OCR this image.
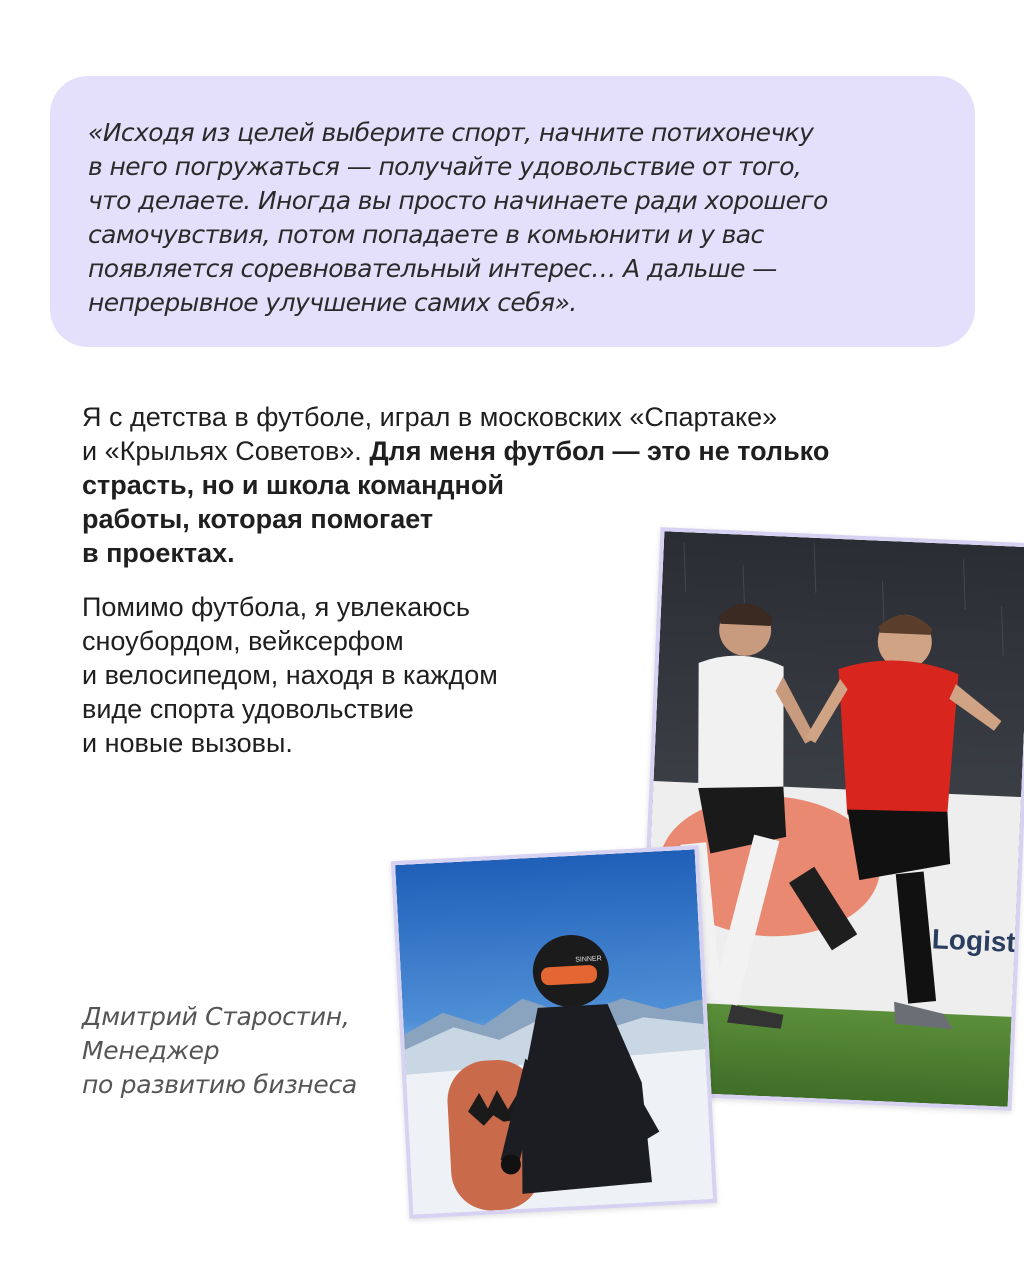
«Исходя из целей выберите спорт, начните потихонечку
в него погружаться — получайте удовольствие от того,
что делаете. Иногда вы просто начинаете ради хорошего
самочувствия, потом попадаете в комьюнити и у вас
появляется соревновательный интерес… А дальше —
непрерывное улучшение самих себя».

Я с детства в футболе, играл в московских «Спартаке»
и «Крыльях Советов». Для меня футбол — это не только
страсть, но и школа командной
работы, которая помогает
в проектах.

Помимо футбола, я увлекаюсь
сноубордом, вейксерфом
и велосипедом, находя в каждом
виде спорта удовольствие
и новые вызовы.

Logist
SINNER
Дмитрий Старостин,
Менеджер
по развитию бизнеса
